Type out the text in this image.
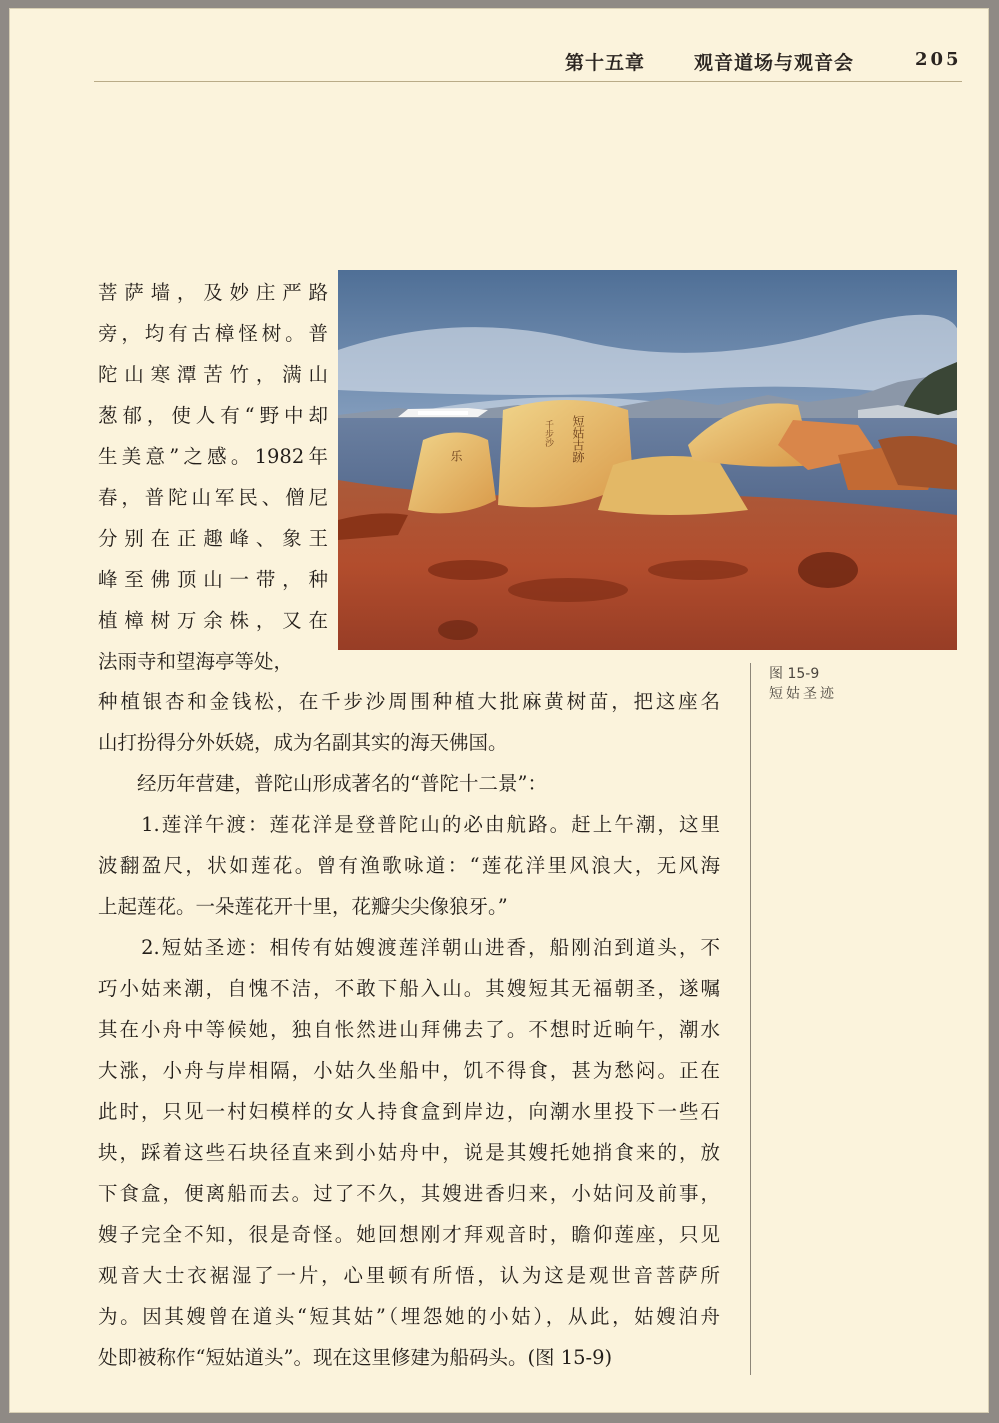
第十五章	观音道场与观音会	205
短姑古跡
乐
千步沙
图 15-9
短姑圣迹
菩萨墙，及妙庄严路
旁，均有古樟怪树。普
陀山寒潭苦竹，满山
葱郁，使人有“野中却
生美意”之感。1982年
春，普陀山军民、僧尼
分别在正趣峰、象王
峰至佛顶山一带，种
植樟树万余株，又在
法雨寺和望海亭等处，
种植银杏和金钱松，在千步沙周围种植大批麻黄树苗，把这座名
山打扮得分外妖娆，成为名副其实的海天佛国。
　　经历年营建，普陀山形成著名的“普陀十二景”：
　　1.莲洋午渡：莲花洋是登普陀山的必由航路。赶上午潮，这里
波翻盈尺，状如莲花。曾有渔歌咏道：“莲花洋里风浪大，无风海
上起莲花。一朵莲花开十里，花瓣尖尖像狼牙。”
　　2.短姑圣迹：相传有姑嫂渡莲洋朝山进香，船刚泊到道头，不
巧小姑来潮，自愧不洁，不敢下船入山。其嫂短其无福朝圣，遂嘱
其在小舟中等候她，独自怅然进山拜佛去了。不想时近晌午，潮水
大涨，小舟与岸相隔，小姑久坐船中，饥不得食，甚为愁闷。正在
此时，只见一村妇模样的女人持食盒到岸边，向潮水里投下一些石
块，踩着这些石块径直来到小姑舟中，说是其嫂托她捎食来的，放
下食盒，便离船而去。过了不久，其嫂进香归来，小姑问及前事，
嫂子完全不知，很是奇怪。她回想刚才拜观音时，瞻仰莲座，只见
观音大士衣裾湿了一片，心里顿有所悟，认为这是观世音菩萨所
为。因其嫂曾在道头“短其姑”（埋怨她的小姑），从此，姑嫂泊舟
处即被称作“短姑道头”。现在这里修建为船码头。(图 15-9)
